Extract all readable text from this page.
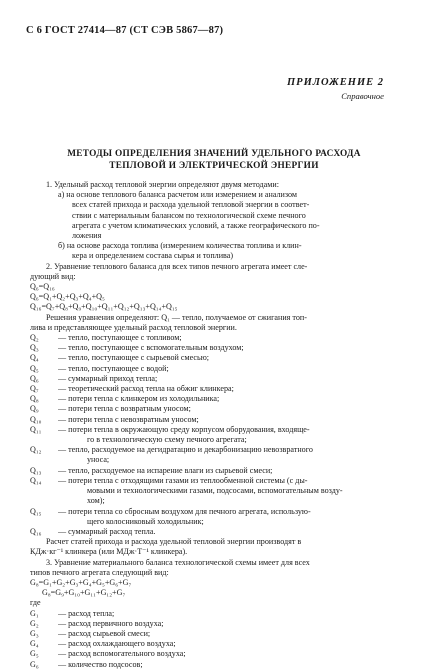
С 6 ГОСТ 27414—87 (СТ СЭВ 5867—87)
ПРИЛОЖЕНИЕ 2
Справочное
МЕТОДЫ ОПРЕДЕЛЕНИЯ ЗНАЧЕНИЙ УДЕЛЬНОГО РАСХОДА
ТЕПЛОВОЙ И ЭЛЕКТРИЧЕСКОЙ ЭНЕРГИИ
1. Удельный расход тепловой энергии определяют двумя методами:
а) на основе теплового баланса расчетом или измерением и анализом
всех статей прихода и расхода удельной тепловой энергии в соответ-
ствии с материальным балансом по технологической схеме печного
агрегата с учетом климатических условий, а также географического по-
ложения
б) на основе расхода топлива (измерением количества топлива и клин-
кера и определением состава сырья и топлива)
2. Уравнение теплового баланса для всех типов печного агрегата имеет сле-
дующий вид:
Q₆=Q₁₆
Q₆=Q₁+Q₂+Q₃+Q₄+Q₅
Q₁₆=Q₇+Q₈+Q₉+Q₁₀+Q₁₁+Q₁₂+Q₁₃+Q₁₄+Q₁₅
Решения уравнения определяют: Q₁ — тепло, получаемое от сжигания топ-
лива и представляющее удельный расход тепловой энергии.
Q₂	— тепло, поступающее с топливом;
Q₃	— тепло, поступающее с вспомогательным воздухом;
Q₄	— тепло, поступающее с сырьевой смесью;
Q₅	— тепло, поступающее с водой;
Q₆	— суммарный приход тепла;
Q₇	— теоретический расход тепла на обжиг клинкера;
Q₈	— потери тепла с клинкером из холодильника;
Q₉	— потери тепла с возвратным уносом;
Q₁₀	— потери тепла с невозвратным уносом;
Q₁₁	— потери тепла в окружающую среду корпусом оборудования, входяще-
го в технологическую схему печного агрегата;
Q₁₂	— тепло, расходуемое на дегидратацию и декарбонизацию невозвратного
уноса;
Q₁₃	— тепло, расходуемое на испарение влаги из сырьевой смеси;
Q₁₄	— потери тепла с отходящими газами из теплообменной системы (с ды-
мовыми и технологическими газами, подсосами, вспомогательным возду-
хом);
Q₁₅	— потери тепла со сбросным воздухом для печного агрегата, использую-
щего колосниковый холодильник;
Q₁₆	— суммарный расход тепла.
Расчет статей прихода и расхода удельной тепловой энергии производят в
КДж·кг⁻¹ клинкера (или МДж·Т⁻¹ клинкера).
3. Уравнение материального баланса технологической схемы имеет для всех
типов печного агрегата следующий вид:
G₈=G₁+G₂+G₃+G₄+G₅+G₆+G₇
G₈=G₉+G₁₀+G₁₁+G₁₂+G₇
где
G₁	— расход тепла;
G₂	— расход первичного воздуха;
G₃	— расход сырьевой смеси;
G₄	— расход охлаждающего воздуха;
G₅	— расход вспомогательного воздуха;
G₆	— количество подсосов;
